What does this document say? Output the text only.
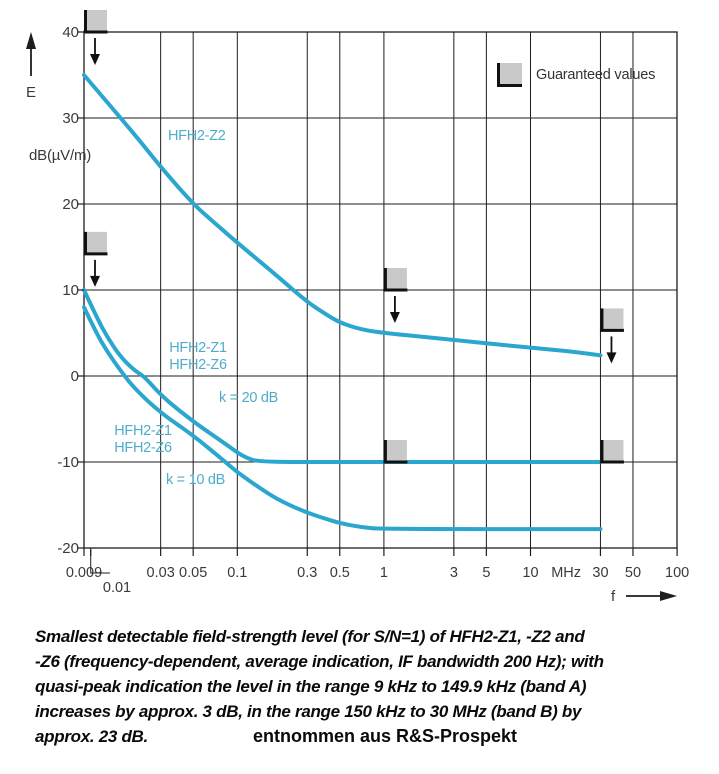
0.009
0.01
0.03 0.05 0.1	0.3 0.5 1	3 5 10 MHz 30 50 100
40
30
20
10
0
-10
-20
E
dB(µV/m)
f
Guaranteed values
HFH2-Z2
HFH2-Z1
HFH2-Z6
k = 20 dB
HFH2-Z1
HFH2-Z6
k = 10 dB
Smallest detectable field-strength level (for S/N=1) of HFH2-Z1, -Z2 and
-Z6 (frequency-dependent, average indication, IF bandwidth 200 Hz); with
quasi-peak indication the level in the range 9 kHz to 149.9 kHz (band A)
increases by approx. 3 dB, in the range 150 kHz to 30 MHz (band B) by
approx. 23 dB.	entnommen aus R&S-Prospekt
